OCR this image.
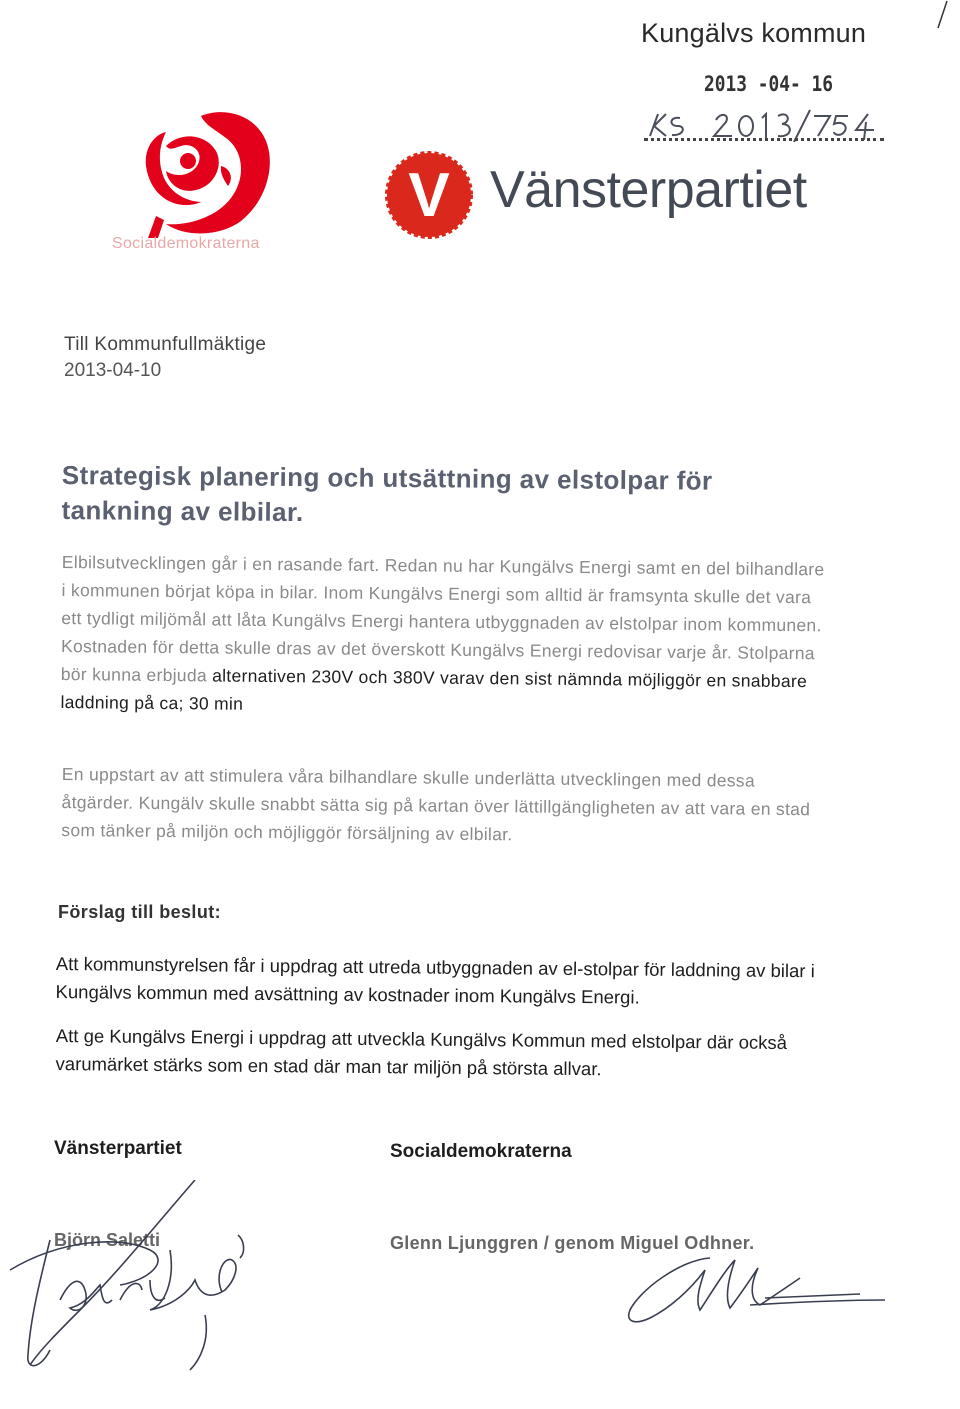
Kungälvs kommun
2013 -04- 16
Socialdemokraterna
V Vänsterpartiet
Till Kommunfullmäktige
2013-04-10
Strategisk planering och utsättning av elstolpar för tankning av elbilar.
Elbilsutvecklingen går i en rasande fart. Redan nu har Kungälvs Energi samt en del bilhandlare i kommunen börjat köpa in bilar. Inom Kungälvs Energi som alltid är framsynta skulle det vara ett tydligt miljömål att låta Kungälvs Energi hantera utbyggnaden av elstolpar inom kommunen. Kostnaden för detta skulle dras av det överskott Kungälvs Energi redovisar varje år. Stolparna bör kunna erbjuda alternativen 230V och 380V varav den sist nämnda möjliggör en snabbare laddning på ca; 30 min
En uppstart av att stimulera våra bilhandlare skulle underlätta utvecklingen med dessa åtgärder. Kungälv skulle snabbt sätta sig på kartan över lättillgängligheten av att vara en stad som tänker på miljön och möjliggör försäljning av elbilar.
Förslag till beslut:
Att kommunstyrelsen får i uppdrag att utreda utbyggnaden av el-stolpar för laddning av bilar i Kungälvs kommun med avsättning av kostnader inom Kungälvs Energi.
Att ge Kungälvs Energi i uppdrag att utveckla Kungälvs Kommun med elstolpar där också varumärket stärks som en stad där man tar miljön på största allvar.
Vänsterpartiet	Socialdemokraterna
Björn Saletti	Glenn Ljunggren / genom Miguel Odhner.
